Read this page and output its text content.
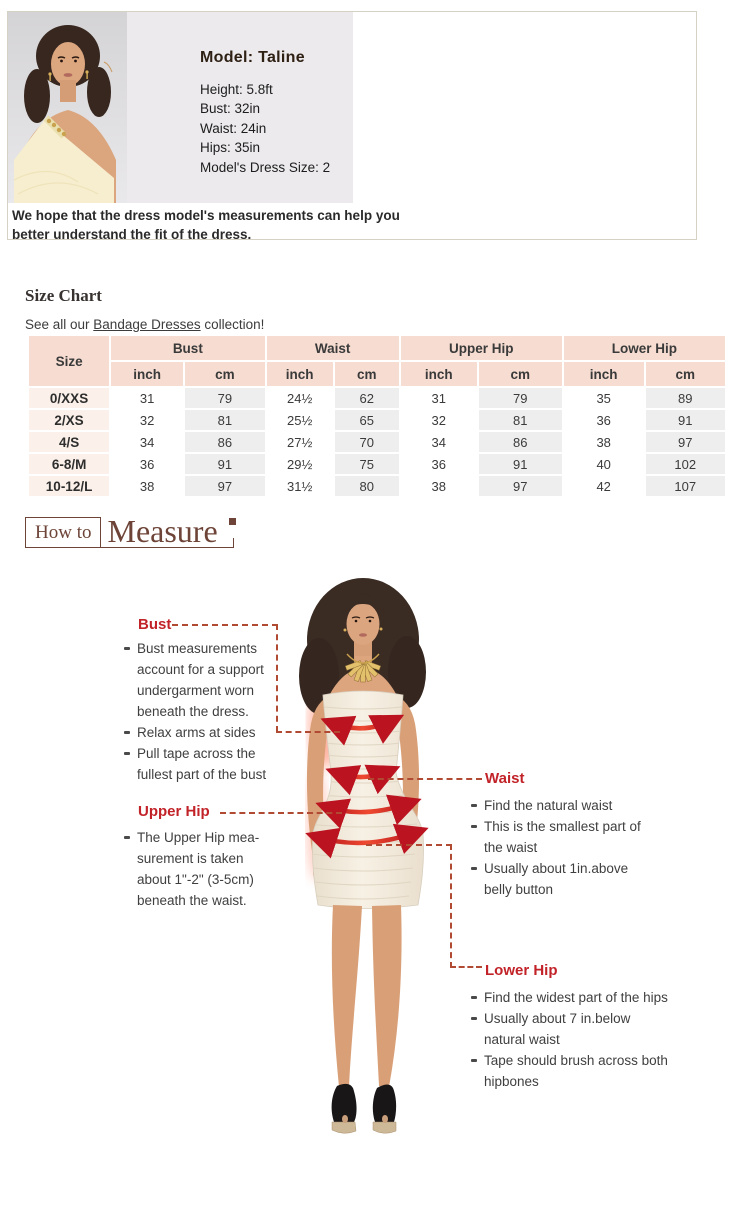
Model: Taline
Height: 5.8ft
Bust: 32in
Waist: 24in
Hips: 35in
Model's Dress Size: 2
We hope that the dress model's measurements can help you better understand the fit of the dress.
Size Chart
See all our Bandage Dresses collection!
Size	Bust		Waist		Upper Hip		Lower Hip	
	inch	cm	inch	cm	inch	cm	inch	cm
0/XXS	31	79	24½	62	31	79	35	89
2/XS	32	81	25½	65	32	81	36	91
4/S	34	86	27½	70	34	86	38	97
6-8/M	36	91	29½	75	36	91	40	102
10-12/L	38	97	31½	80	38	97	42	107
How to Measure
Bust
Bust measurements account for a support undergarment worn beneath the dress.
Relax arms at sides
Pull tape across the fullest part of the bust
Upper Hip
The Upper Hip mea-surement is taken about 1"-2" (3-5cm) beneath the waist.
Waist
Find the natural waist
This is the smallest part of the waist
Usually about 1in.above belly button
Lower Hip
Find the widest part of the hips
Usually about 7 in.below natural waist
Tape should brush across both hipbones
